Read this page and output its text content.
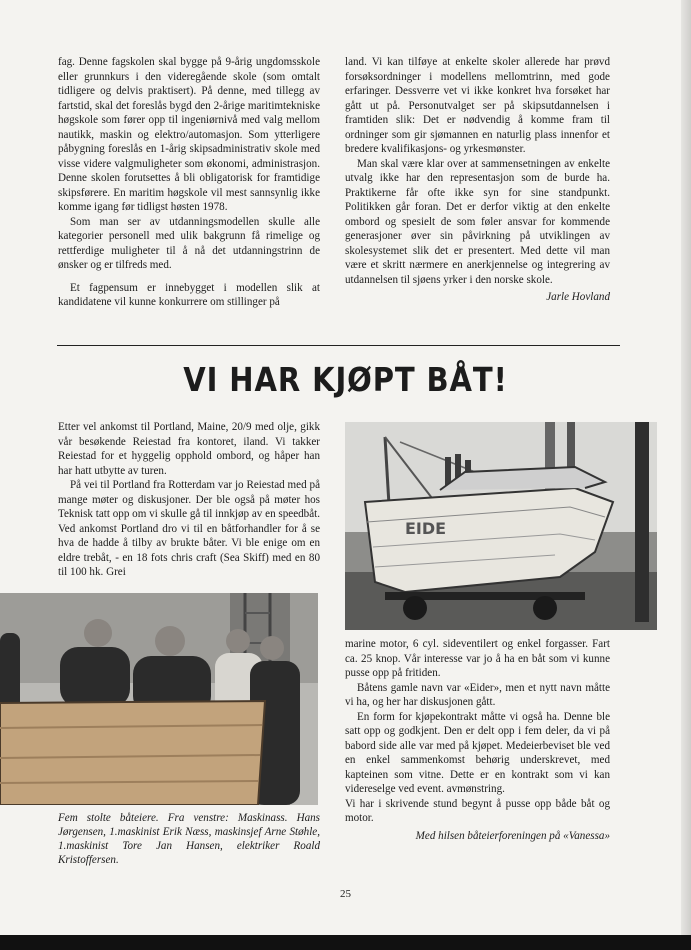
fag. Denne fagskolen skal bygge på 9-årig ungdomsskole eller grunnkurs i den videregående skole (som omtalt tidligere og delvis praktisert). På denne, med tillegg av fartstid, skal det foreslås bygd den 2-årige maritimtekniske høgskole som fører opp til ingeniørnivå med valg mellom nautikk, maskin og elektro/automasjon. Som ytterligere påbygning foreslås en 1-årig skipsadministrativ skole med visse videre valgmuligheter som økonomi, administrasjon. Denne skolen forutsettes å bli obligatorisk for framtidige skipsførere. En maritim høgskole vil mest sannsynlig ikke komme igang før tidligst høsten 1978.

Som man ser av utdanningsmodellen skulle alle kategorier personell med ulik bakgrunn få rimelige og rettferdige muligheter til å nå det utdanningstrinn de ønsker og er tilfreds med.

Et fagpensum er innebygget i modellen slik at kandidatene vil kunne konkurrere om stillinger på

land. Vi kan tilføye at enkelte skoler allerede har prøvd forsøksordninger i modellens mellomtrinn, med gode erfaringer. Dessverre vet vi ikke konkret hva forsøket har gått ut på. Personutvalget ser på skipsutdannelsen i framtiden slik: Det er nødvendig å komme fram til ordninger som gir sjømannen en naturlig plass innenfor et bredere kvalifikasjons- og yrkesmønster.

Man skal være klar over at sammensetningen av enkelte utvalg ikke har den representasjon som de burde ha. Praktikerne får ofte ikke syn for sine standpunkt. Politikken går foran. Det er derfor viktig at den enkelte ombord og spesielt de som føler ansvar for kommende generasjoner øver sin påvirkning på utviklingen av skolesystemet slik det er presentert. Med dette vil man være et skritt nærmere en anerkjennelse og integrering av utdannelsen til sjøens yrker i den norske skole.

Jarle Hovland

VI HAR KJØPT BÅT!

Etter vel ankomst til Portland, Maine, 20/9 med olje, gikk vår besøkende Reiestad fra kontoret, iland. Vi takker Reiestad for et hyggelig opphold ombord, og håper han har hatt utbytte av turen.

På vei til Portland fra Rotterdam var jo Reiestad med på mange møter og diskusjoner. Der ble også på møter hos Teknisk tatt opp om vi skulle gå til innkjøp av en speedbåt. Ved ankomst Portland dro vi til en båtforhandler for å se hva de hadde å tilby av brukte båter. Vi ble enige om en eldre trebåt, - en 18 fots chris craft (Sea Skiff) med en 80 til 100 hk. Grei

EIDE
Fem stolte båteiere. Fra venstre: Maskinass. Hans Jørgensen, 1.maskinist Erik Næss, maskinsjef Arne Støhle, 1.maskinist Tore Jan Hansen, elektriker Roald Kristoffersen.

marine motor, 6 cyl. sideventilert og enkel forgasser. Fart ca. 25 knop. Vår interesse var jo å ha en båt som vi kunne pusse opp på fritiden.

Båtens gamle navn var «Eider», men et nytt navn måtte vi ha, og her har diskusjonen gått.

En form for kjøpekontrakt måtte vi også ha. Denne ble satt opp og godkjent. Den er delt opp i fem deler, da vi på babord side alle var med på kjøpet. Medeierbeviset ble ved en enkel sammenkomst behørig underskrevet, med kapteinen som vitne. Dette er en kontrakt som vi kan videreselge ved event. avmønstring.

Vi har i skrivende stund begynt å pusse opp både båt og motor.

Med hilsen båteierforeningen på «Vanessa»

25
